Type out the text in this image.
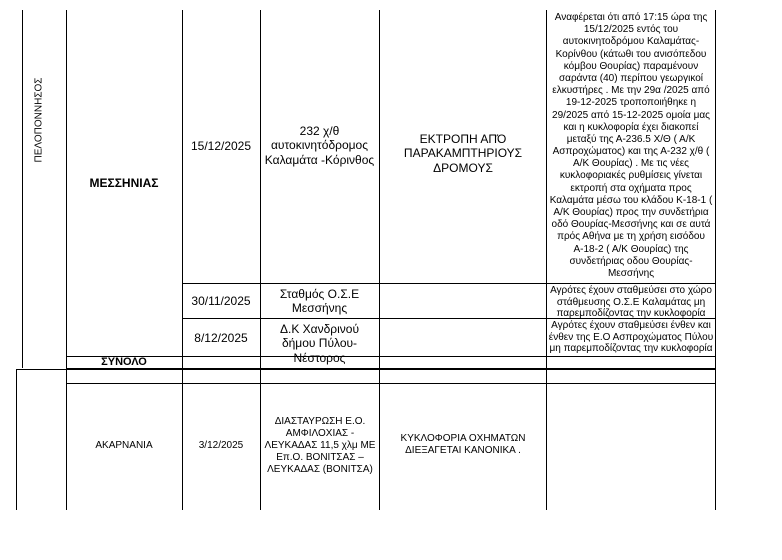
ΠΕΛΟΠΟΝΝΗΣΟΣ
ΜΕΣΣΗΝΙΑΣ
15/12/2025
232 χ/θ αυτοκινητόδρομος Καλαμάτα -Κόρινθος
ΕΚΤΡΟΠΗ ΑΠΌ ΠΑΡΑΚΑΜΠΤΗΡΙΟΥΣ ΔΡΟΜΟΥΣ
Αναφέρεται ότι από 17:15 ώρα της 15/12/2025 εντός του αυτοκινητοδρόμου Καλαμάτας-Κορίνθου (κάτωθι του ανισόπεδου κόμβου Θουρίας) παραμένουν σαράντα (40) περίπου γεωργικοί ελκυστήρες . Με την 29α /2025 από 19-12-2025 τροποποιήθηκε η 29/2025 από 15-12-2025 ομοία μας και η κυκλοφορία έχει διακοπεί μεταξύ της Α-236.5 Χ/Θ ( Α/Κ Ασπροχώματος) και της Α-232 χ/θ ( Α/Κ Θουρίας) . Με τις νέες κυκλοφοριακές ρυθμίσεις γίνεται εκτροπή στα οχήματα προς Καλαμάτα μέσω του κλάδου Κ-18-1 ( Α/Κ Θουρίας) προς την συνδετήρια οδό Θουρίας-Μεσσήνης και σε αυτά πρός Αθήνα με τη χρήση εισόδου Α-18-2 ( Α/Κ Θουρίας) της συνδετήριας οδου Θουρίας-Μεσσήνης
30/11/2025	Σταθμός Ο.Σ.Ε Μεσσήνης
Αγρότες έχουν σταθμεύσει στο χώρο στάθμευσης Ο.Σ.Ε Καλαμάτας μη παρεμποδίζοντας την κυκλοφορία
8/12/2025
Δ.Κ Χανδρινού δήμου Πύλου-Νέστορος
Αγρότες έχουν σταθμεύσει ένθεν και ένθεν της Ε.Ο Ασπροχώματος Πύλου μη παρεμποδίζοντας την κυκλοφορία
ΣΥΝΟΛΟ
ΑΚΑΡΝΑΝΙΑ	3/12/2025
ΔΙΑΣΤΑΥΡΩΣΗ Ε.Ο. ΑΜΦΙΛΟΧΙΑΣ - ΛΕΥΚΑΔΑΣ 11,5 χλμ ΜΕ Επ.Ο. ΒΟΝΙΤΣΑΣ – ΛΕΥΚΑΔΑΣ (ΒΟΝΙΤΣΑ)
ΚΥΚΛΟΦΟΡΙΑ ΟΧΗΜΑΤΩΝ ΔΙΕΞΑΓΕΤΑΙ ΚΑΝΟΝΙΚΑ .
